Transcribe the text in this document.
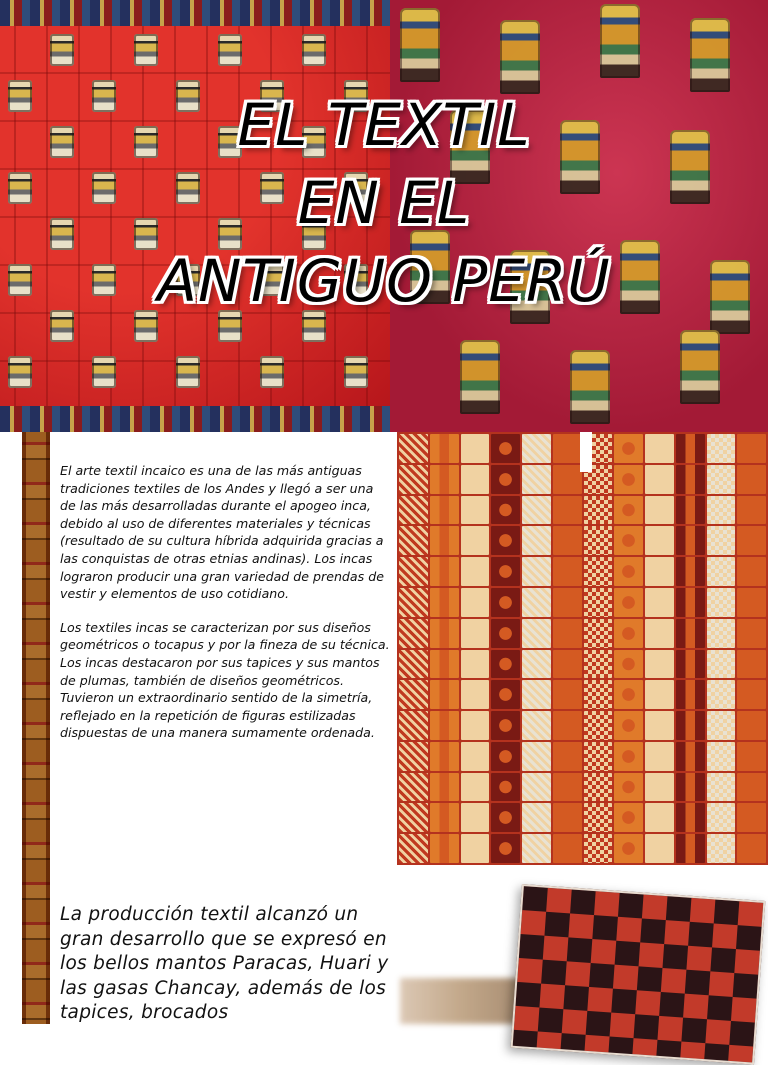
EL TEXTIL
EN EL
ANTIGUO PERÚ

El arte textil incaico es una de las más antiguas tradiciones textiles de los Andes y llegó a ser una de las más desarrolladas durante el apogeo inca, debido al uso de diferentes materiales y técnicas (resultado de su cultura híbrida adquirida gracias a las conquistas de otras etnias andinas). Los incas lograron producir una gran variedad de prendas de vestir y elementos de uso cotidiano.

Los textiles incas se caracterizan por sus diseños geométricos o tocapus y por la fineza de su técnica. Los incas destacaron por sus tapices y sus mantos de plumas, también de diseños geométricos. Tuvieron un extraordinario sentido de la simetría, reflejado en la repetición de figuras estilizadas dispuestas de una manera sumamente ordenada.

La producción textil alcanzó un gran desarrollo que se expresó en los bellos mantos Paracas, Huari y las gasas Chancay, además de los tapices, brocados
